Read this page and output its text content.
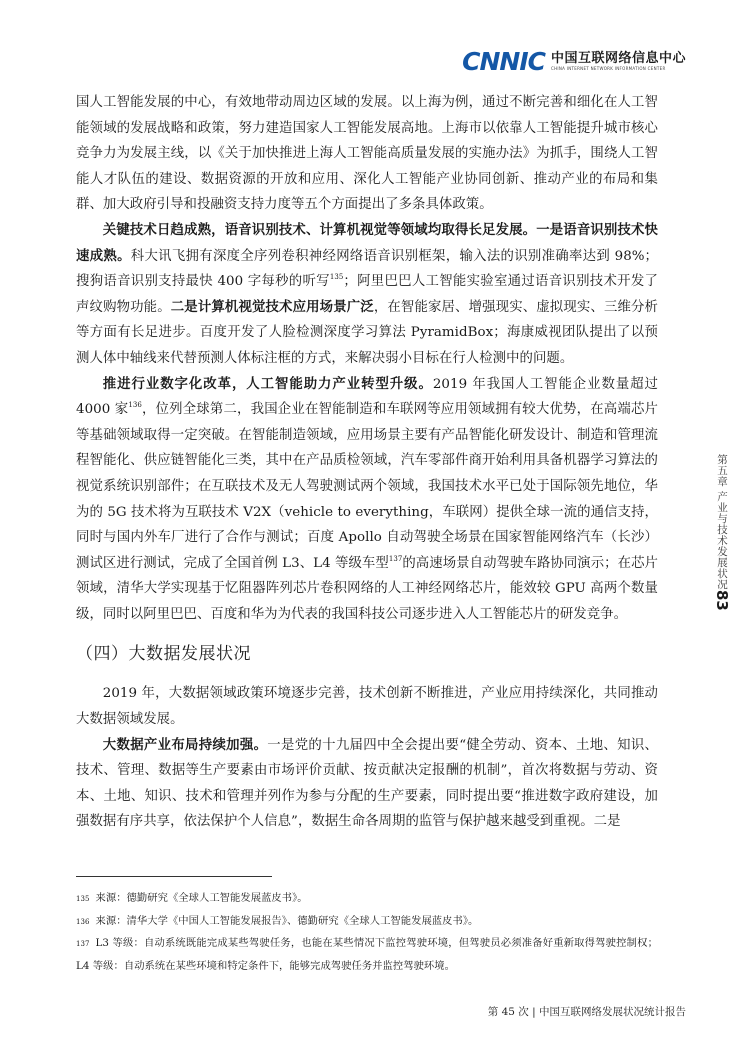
CNNIC 中国互联网络信息中心
CHINA INTERNET NETWORK INFORMATION CENTER

国人工智能发展的中心，有效地带动周边区域的发展。以上海为例，通过不断完善和细化在人工智能领域的发展战略和政策，努力建造国家人工智能发展高地。上海市以依靠人工智能提升城市核心竞争力为发展主线，以《关于加快推进上海人工智能高质量发展的实施办法》为抓手，围绕人工智能人才队伍的建设、数据资源的开放和应用、深化人工智能产业协同创新、推动产业的布局和集群、加大政府引导和投融资支持力度等五个方面提出了多条具体政策。

关键技术日趋成熟，语音识别技术、计算机视觉等领域均取得长足发展。一是语音识别技术快速成熟。科大讯飞拥有深度全序列卷积神经网络语音识别框架，输入法的识别准确率达到 98%；搜狗语音识别支持最快 400 字每秒的听写$^{135}$；阿里巴巴人工智能实验室通过语音识别技术开发了声纹购物功能。二是计算机视觉技术应用场景广泛，在智能家居、增强现实、虚拟现实、三维分析等方面有长足进步。百度开发了人脸检测深度学习算法 PyramidBox；海康威视团队提出了以预测人体中轴线来代替预测人体标注框的方式，来解决弱小目标在行人检测中的问题。

推进行业数字化改革，人工智能助力产业转型升级。2019 年我国人工智能企业数量超过 4000 家$^{136}$，位列全球第二，我国企业在智能制造和车联网等应用领域拥有较大优势，在高端芯片等基础领域取得一定突破。在智能制造领域，应用场景主要有产品智能化研发设计、制造和管理流程智能化、供应链智能化三类，其中在产品质检领域，汽车零部件商开始利用具备机器学习算法的视觉系统识别部件；在互联技术及无人驾驶测试两个领域，我国技术水平已处于国际领先地位，华为的 5G 技术将为互联技术 V2X（vehicle to everything，车联网）提供全球一流的通信支持，同时与国内外车厂进行了合作与测试；百度 Apollo 自动驾驶全场景在国家智能网络汽车（长沙）测试区进行测试，完成了全国首例 L3、L4 等级车型$^{137}$的高速场景自动驾驶车路协同演示；在芯片领域，清华大学实现基于忆阻器阵列芯片卷积网络的人工神经网络芯片，能效较 GPU 高两个数量级，同时以阿里巴巴、百度和华为为代表的我国科技公司逐步进入人工智能芯片的研发竞争。

（四）大数据发展状况

2019 年，大数据领域政策环境逐步完善，技术创新不断推进，产业应用持续深化，共同推动大数据领域发展。

大数据产业布局持续加强。一是党的十九届四中全会提出要“健全劳动、资本、土地、知识、技术、管理、数据等生产要素由市场评价贡献、按贡献决定报酬的机制”，首次将数据与劳动、资本、土地、知识、技术和管理并列作为参与分配的生产要素，同时提出要“推进数字政府建设，加强数据有序共享，依法保护个人信息”，数据生命各周期的监管与保护越来越受到重视。二是

第五章 产业与技术发展状况
83

135 来源：德勤研究《全球人工智能发展蓝皮书》。

136 来源：清华大学《中国人工智能发展报告》、德勤研究《全球人工智能发展蓝皮书》。

137 L3 等级：自动系统既能完成某些驾驶任务，也能在某些情况下监控驾驶环境，但驾驶员必须准备好重新取得驾驶控制权；L4 等级：自动系统在某些环境和特定条件下，能够完成驾驶任务并监控驾驶环境。

第 45 次 | 中国互联网络发展状况统计报告
